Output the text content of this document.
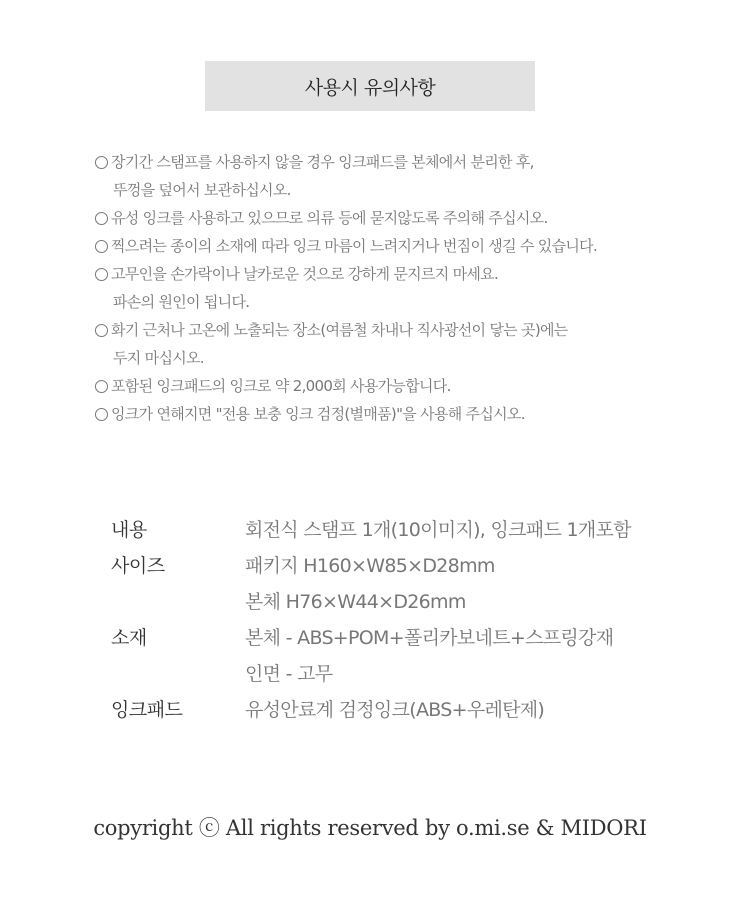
사용시 유의사항
장기간 스탬프를 사용하지 않을 경우 잉크패드를 본체에서 분리한 후,
뚜껑을 덮어서 보관하십시오.
유성 잉크를 사용하고 있으므로 의류 등에 묻지않도록 주의해 주십시오.
찍으려는 종이의 소재에 따라 잉크 마름이 느려지거나 번짐이 생길 수 있습니다.
고무인을 손가락이나 날카로운 것으로 강하게 문지르지 마세요.
파손의 원인이 됩니다.
화기 근처나 고온에 노출되는 장소(여름철 차내나 직사광선이 닿는 곳)에는
두지 마십시오.
포함된 잉크패드의 잉크로 약 2,000회 사용가능합니다.
잉크가 연해지면 "전용 보충 잉크 검정(별매품)"을 사용해 주십시오.
내용	회전식 스탬프 1개(10이미지), 잉크패드 1개포함
사이즈	패키지 H160×W85×D28mm
본체 H76×W44×D26mm
소재	본체 - ABS+POM+폴리카보네트+스프링강재
인면 - 고무
잉크패드	유성안료계 검정잉크(ABS+우레탄제)
copyright ⓒ All rights reserved by o.mi.se & MIDORI
